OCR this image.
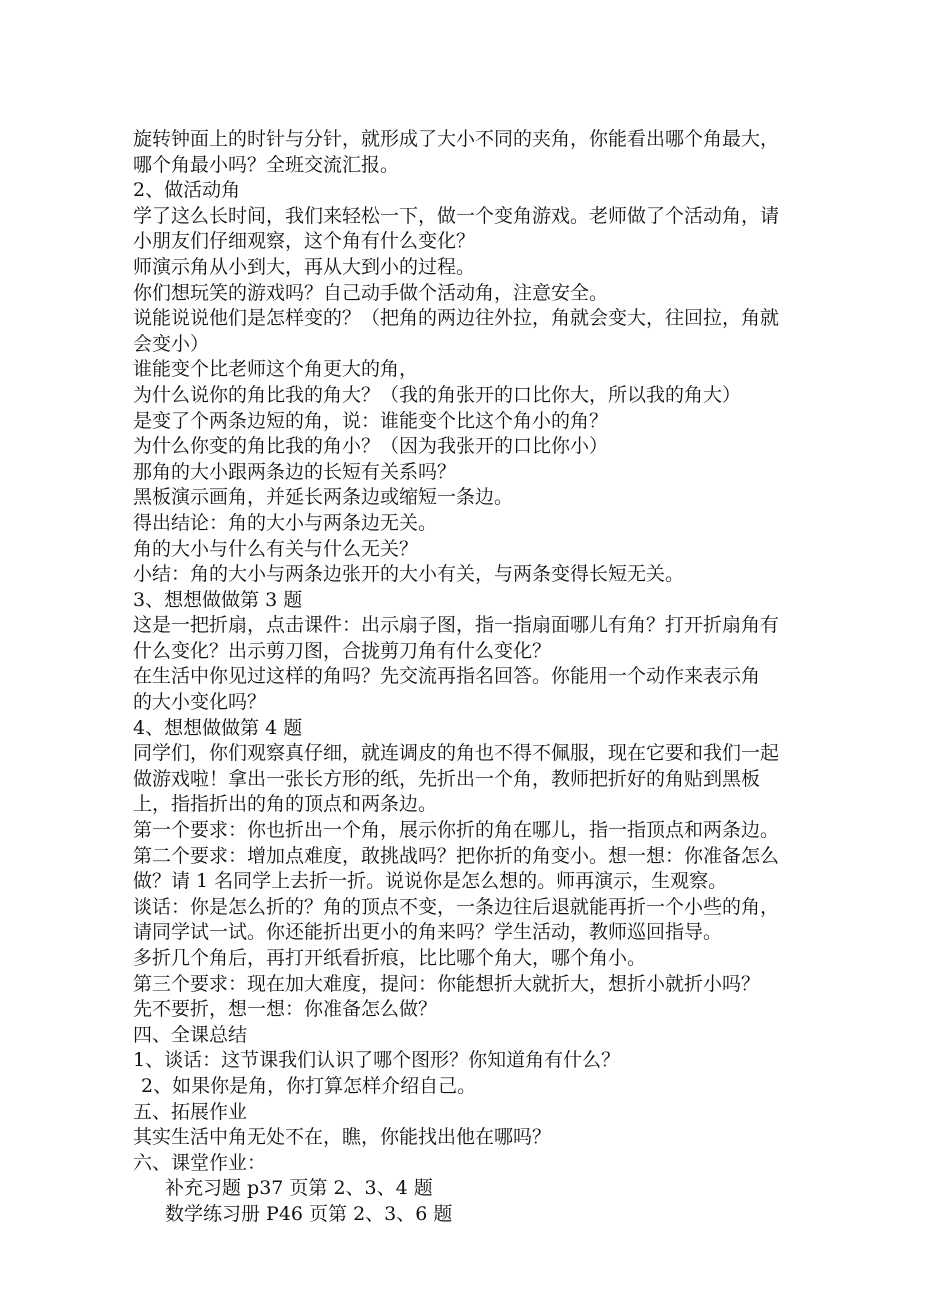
旋转钟面上的时针与分针，就形成了大小不同的夹角，你能看出哪个角最大，
哪个角最小吗？全班交流汇报。
2、做活动角
学了这么长时间，我们来轻松一下，做一个变角游戏。老师做了个活动角，请
小朋友们仔细观察，这个角有什么变化？
师演示角从小到大，再从大到小的过程。
你们想玩笑的游戏吗？自己动手做个活动角，注意安全。
说能说说他们是怎样变的？（把角的两边往外拉，角就会变大，往回拉，角就
会变小）
谁能变个比老师这个角更大的角，
为什么说你的角比我的角大？（我的角张开的口比你大，所以我的角大）
是变了个两条边短的角，说：谁能变个比这个角小的角？
为什么你变的角比我的角小？（因为我张开的口比你小）
那角的大小跟两条边的长短有关系吗？
黑板演示画角，并延长两条边或缩短一条边。
得出结论：角的大小与两条边无关。
角的大小与什么有关与什么无关？
小结：角的大小与两条边张开的大小有关，与两条变得长短无关。
3、想想做做第 3 题
这是一把折扇，点击课件：出示扇子图，指一指扇面哪儿有角？打开折扇角有
什么变化？出示剪刀图，合拢剪刀角有什么变化？
在生活中你见过这样的角吗？先交流再指名回答。你能用一个动作来表示角
的大小变化吗？
4、想想做做第 4 题
同学们，你们观察真仔细，就连调皮的角也不得不佩服，现在它要和我们一起
做游戏啦！拿出一张长方形的纸，先折出一个角，教师把折好的角贴到黑板
上，指指折出的角的顶点和两条边。
第一个要求：你也折出一个角，展示你折的角在哪儿，指一指顶点和两条边。
第二个要求：增加点难度，敢挑战吗？把你折的角变小。想一想：你准备怎么
做？请 1 名同学上去折一折。说说你是怎么想的。师再演示，生观察。
谈话：你是怎么折的？角的顶点不变，一条边往后退就能再折一个小些的角，
请同学试一试。你还能折出更小的角来吗？学生活动，教师巡回指导。
多折几个角后，再打开纸看折痕，比比哪个角大，哪个角小。
第三个要求：现在加大难度，提问：你能想折大就折大，想折小就折小吗？
先不要折，想一想：你准备怎么做？
四、全课总结
1、谈话：这节课我们认识了哪个图形？你知道角有什么？
2、如果你是角，你打算怎样介绍自己。
五、拓展作业
其实生活中角无处不在，瞧，你能找出他在哪吗？
六、课堂作业：
补充习题 p37 页第 2、3、4 题
数学练习册 P46 页第 2、3、6 题
